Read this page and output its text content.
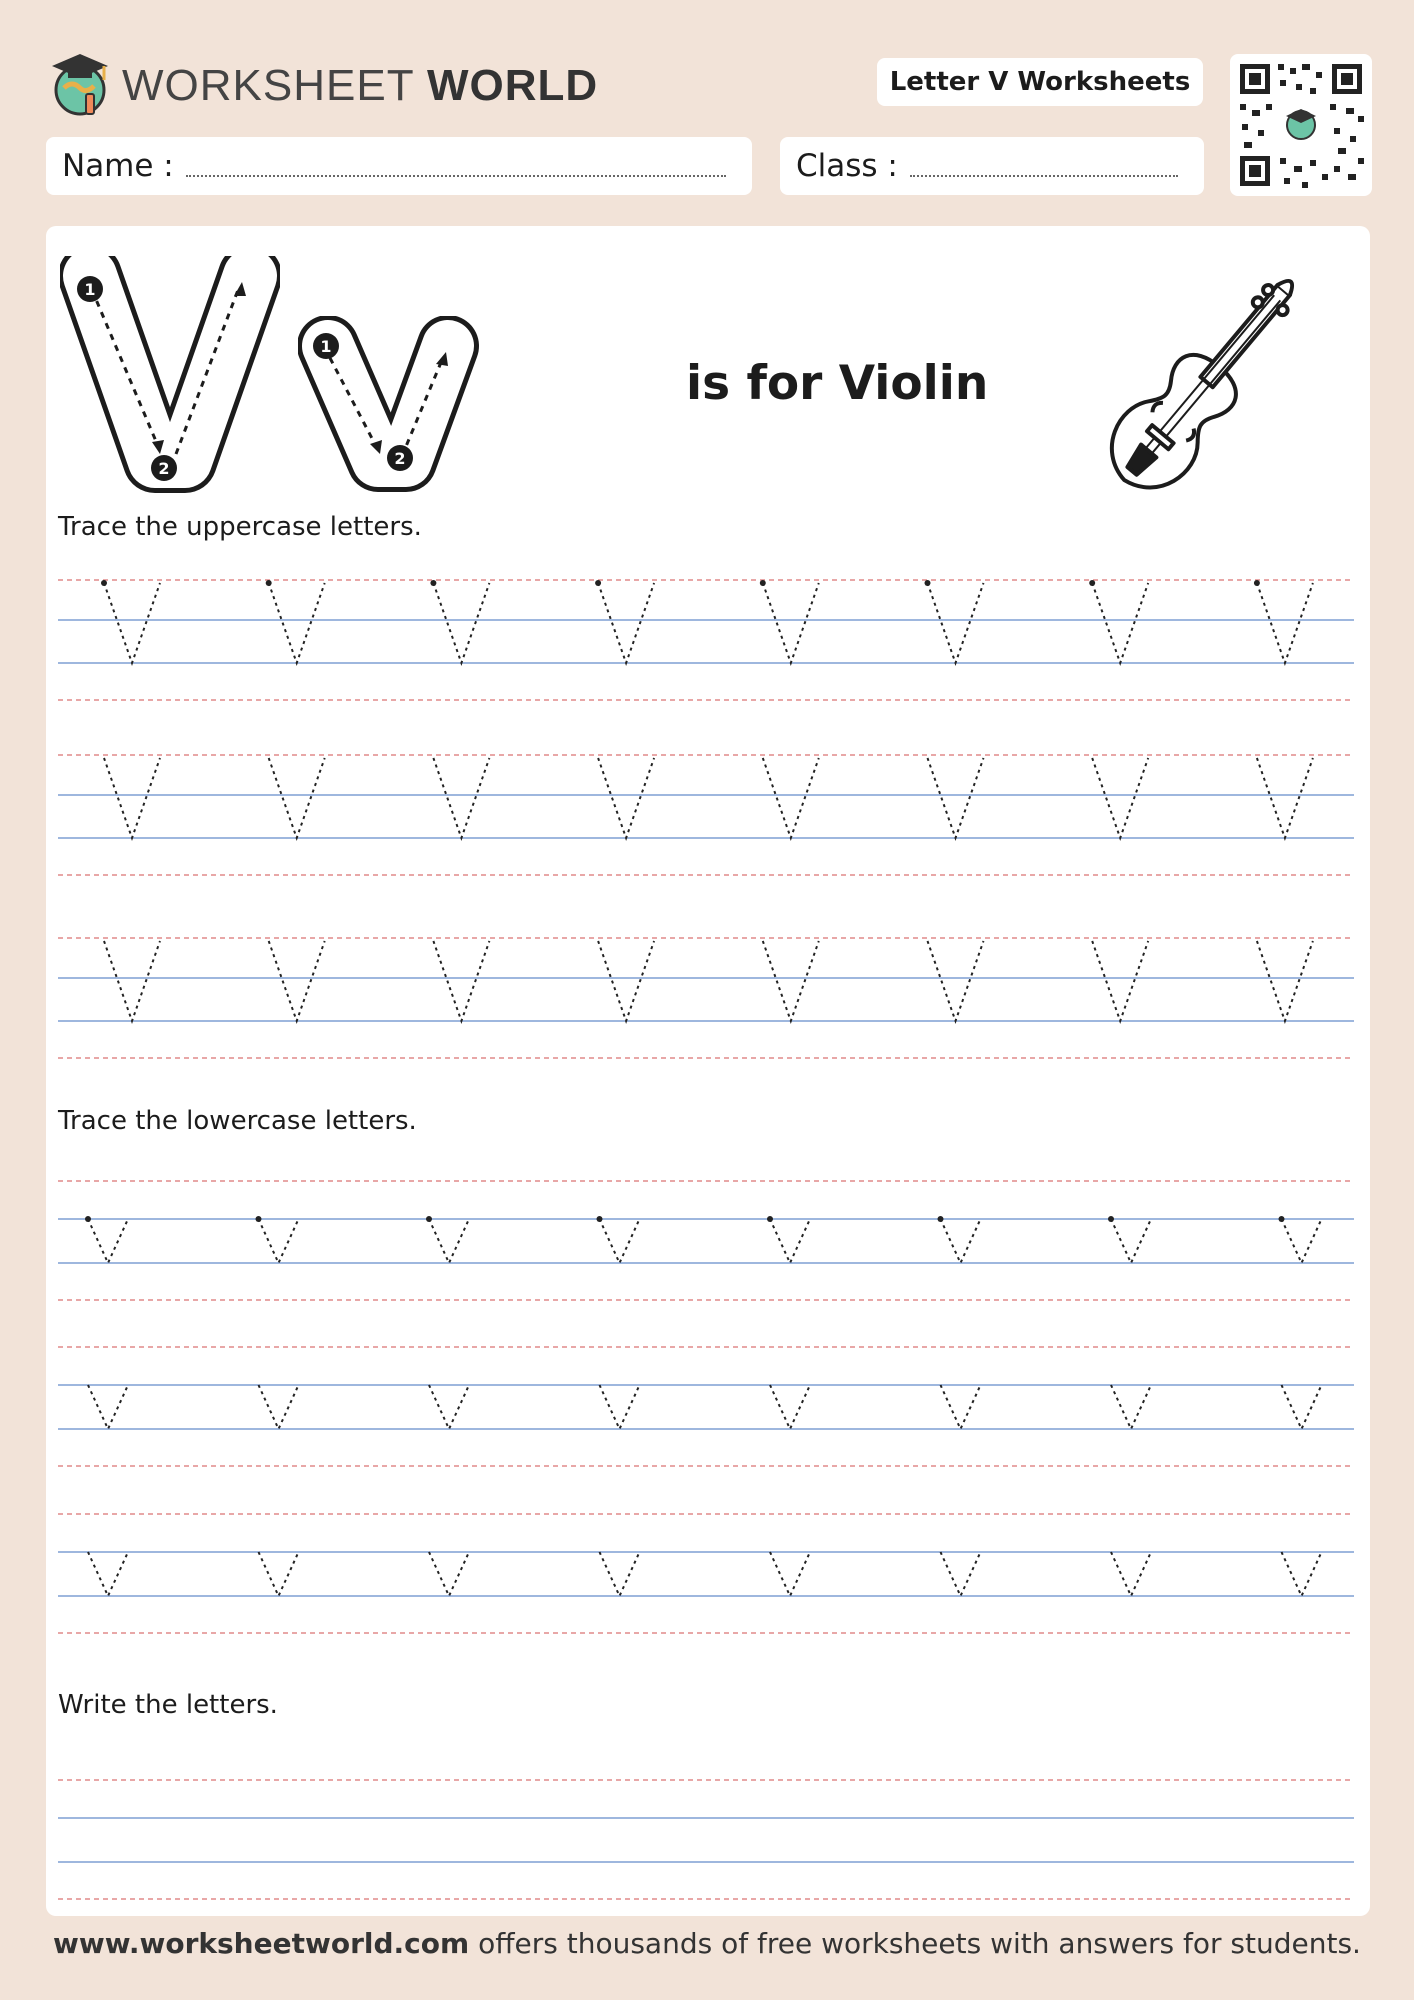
WORKSHEET WORLD	Letter V Worksheets
Name :	Class :
1
2
1
2
is for Violin
Trace the uppercase letters.
Trace the lowercase letters.
Write the letters.
www.worksheetworld.com offers thousands of free worksheets with answers for students.
